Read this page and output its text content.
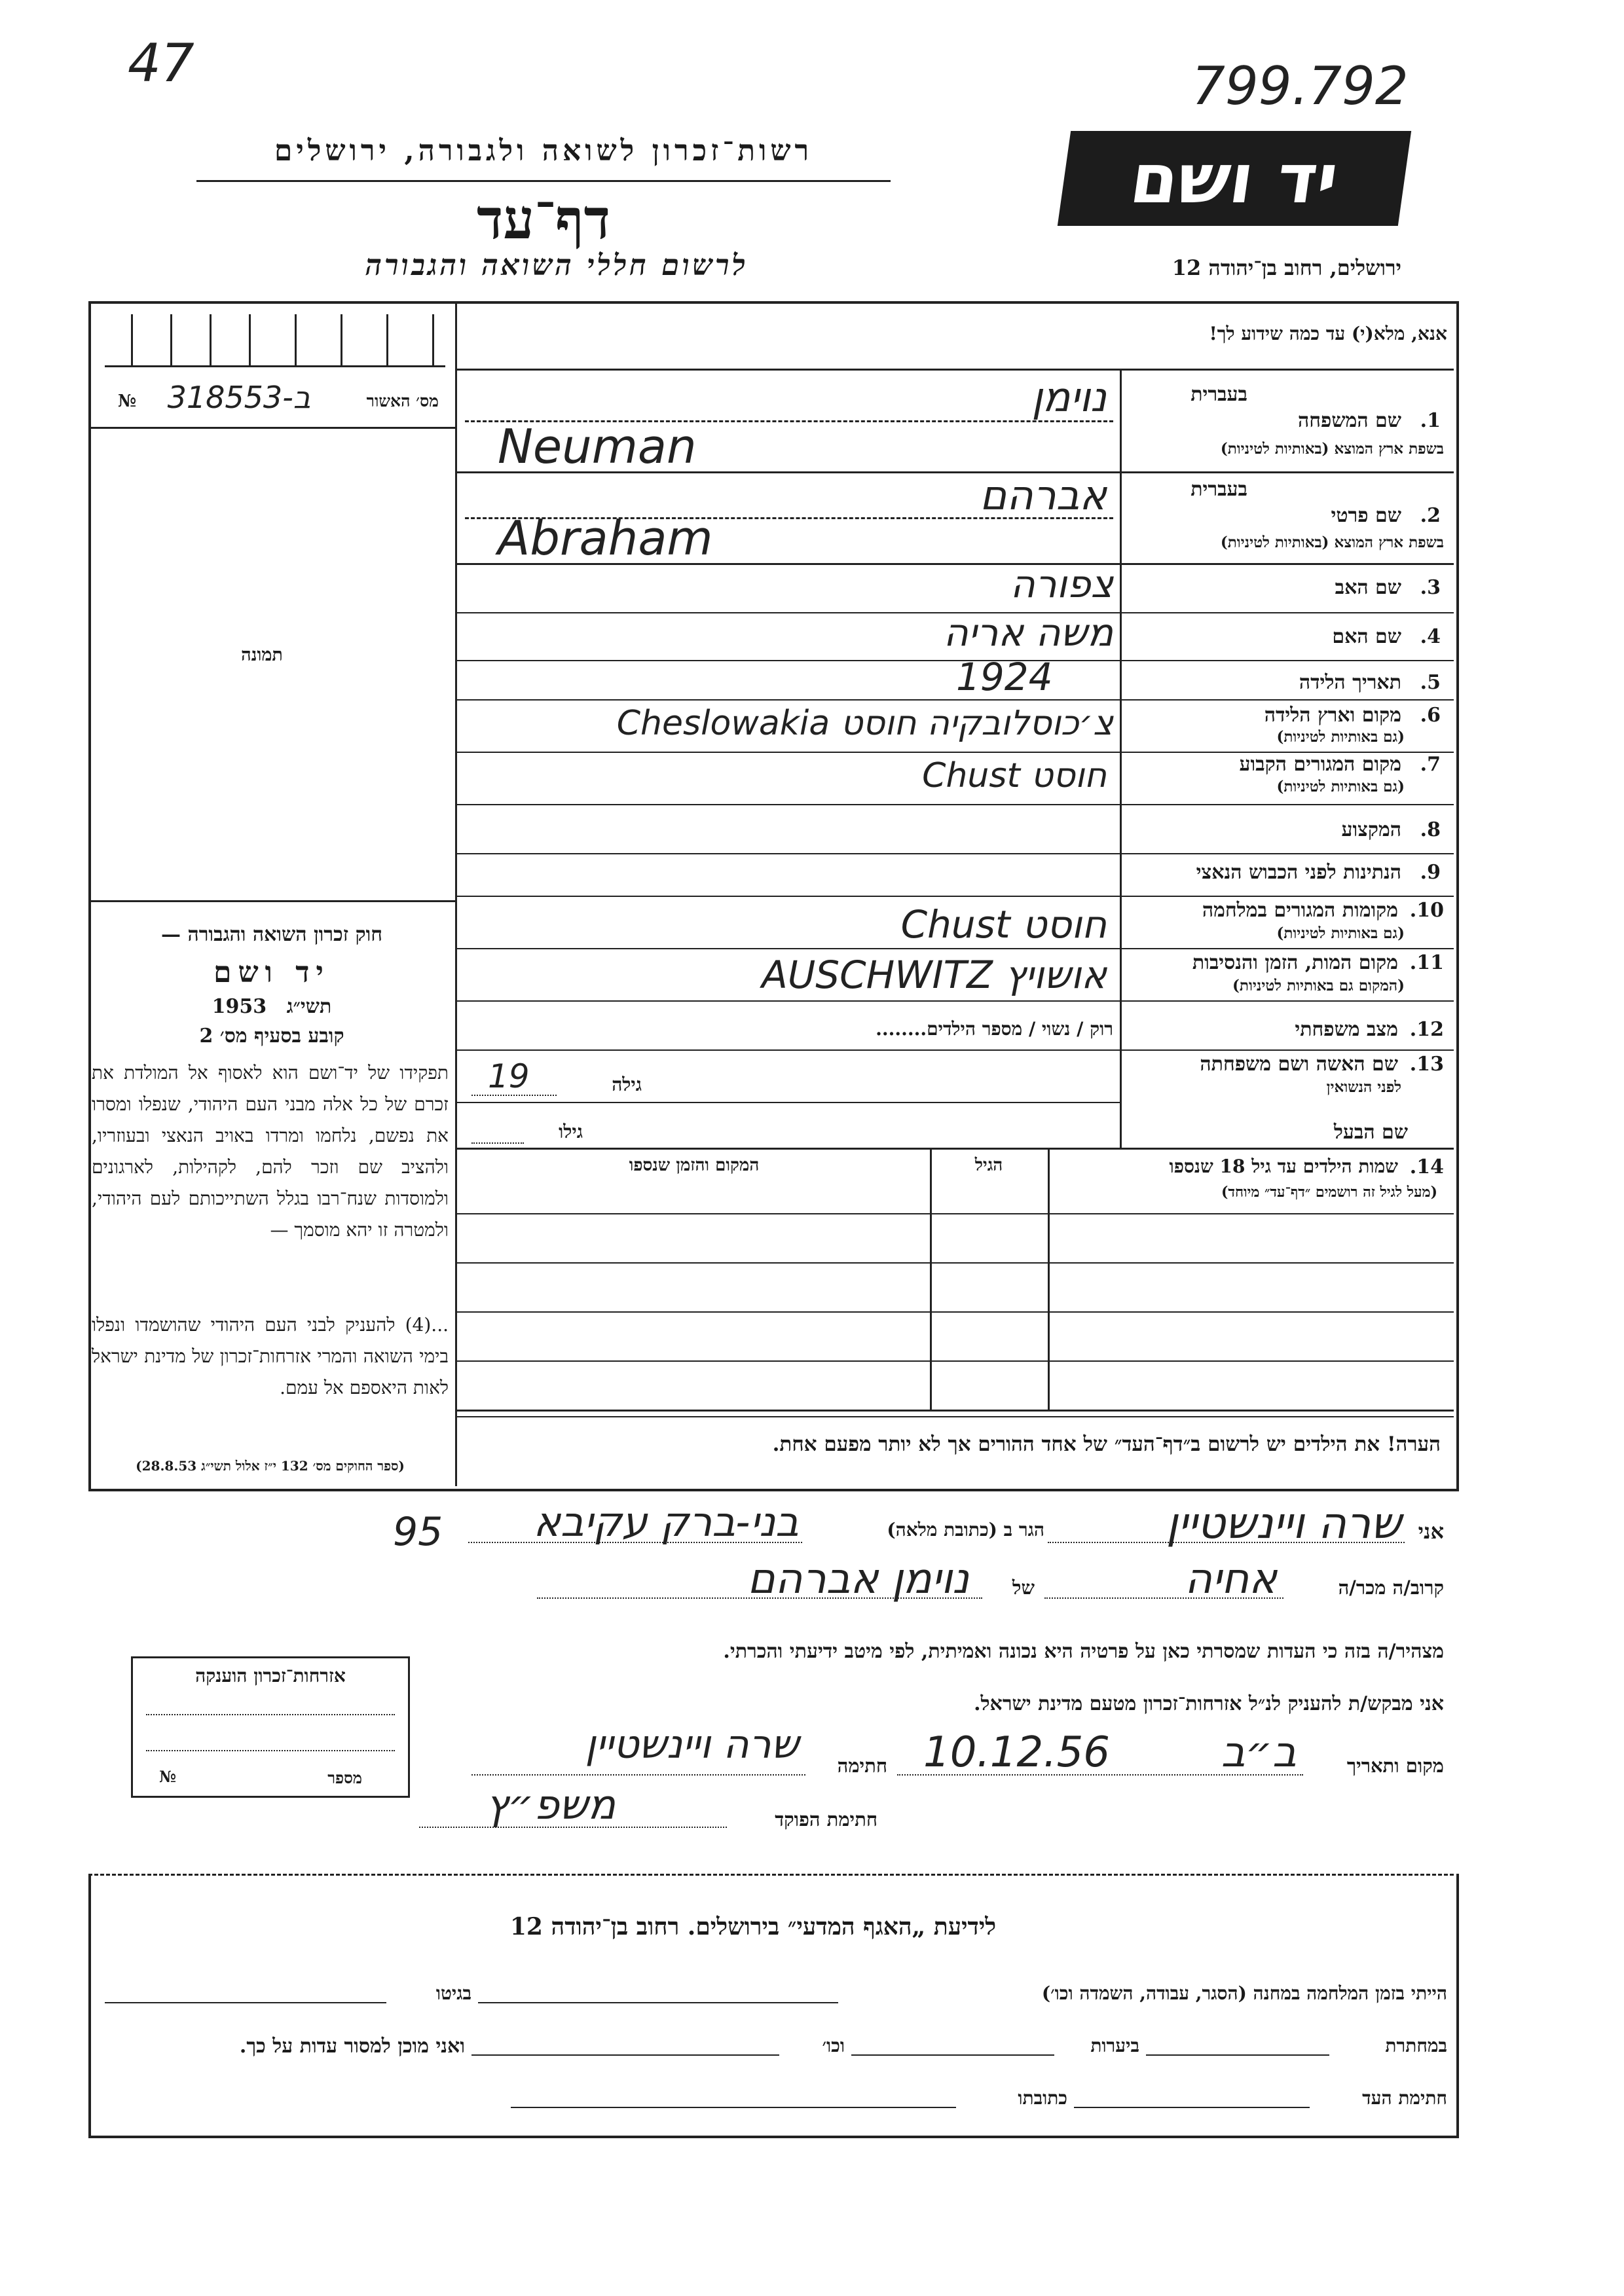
47	799.792
רשות־זכרון לשואה ולגבורה, ירושלים
דף־עד
לרשום חללי השואה והגבורה
יד ושם
ירושלים, רחוב בן־יהודה 12
מס׳ האשור
ב-318553
№
תמונה
חוק זכרון השואה והגבורה —
יד ושם
1953 תשי״ג
קובע בסעיף מס׳ 2
תפקידו של יד־ושם הוא לאסוף אל המולדת את זכרם של כל אלה מבני העם היהודי, שנפלו ומסרו את נפשם, נלחמו ומרדו באויב הנאצי ובעוזריו, ולהציב שם וזכר להם, לקהילות, לארגונים ולמוסדות שנח־רבו בגלל השתייכותם לעם היהודי, ולמטרה זו יהא מוסמך —
...(4) להעניק לבני העם היהודי שהושמדו ונפלו בימי השואה והמרי אזרחות־זכרון של מדינת ישראל לאות היאספם אל עמם.
(ספר החוקים מס׳ 132 י״ז אלול תשי״ג 28.8.53)
אנא, מלא(י) עד כמה שידוע לך!
1.
שם המשפחה
בעברית
בשפת ארץ המוצא (באותיות לטיניות)
נוימן
Neuman
2.
שם פרטי
בעברית
בשפת ארץ המוצא (באותיות לטיניות)
אברהם
Abraham
3.
שם האב
צפורה
4.
שם האם
משה אריה
5.
תאריך הלידה
1924
6.
מקום וארץ הלידה
(גם באותיות לטיניות)
צ׳כוסלובקיה חוסט Cheslowakia
7.
מקום המגורים הקבוע
(גם באותיות לטיניות)
חוסט Chust
8.
המקצוע
9.
הנתינות לפני הכבוש הנאצי
10.
מקומות המגורים במלחמה
(גם באותיות לטיניות)
חוסט Chust
11.
מקום המות, הזמן והנסיבות
(המקום גם באותיות לטיניות)
אושויץ AUSCHWITZ
12.
מצב משפחתי
רוק / נשוי / מספר הילדים........
13.
שם האשה ושם משפחתה
לפני הנשואין
גילה
19
שם הבעל
גילו
14.
שמות הילדים עד גיל 18 שנספו
(מעל לגיל זה רושמים ״דף־עד״ מיוחד)
הגיל
המקום והזמן שנספו
הערה! את הילדים יש לרשום ב״דף־העד״ של אחד ההורים אך לא יותר מפעם אחת.
אני
שרה ויינשטיין
הגר ב (כתובת מלאה)
בני-ברק עקיבא
95
קרוב/ה מכר/ה
אחיה
של
נוימן אברהם
מצהיר/ה בזה כי העדות שמסרתי כאן על פרטיה היא נכונה ואמיתית, לפי מיטב ידיעתי והכרתי.
אני מבקש/ת להעניק לנ״ל אזרחות־זכרון מטעם מדינת ישראל.
מקום ותאריך
ב״ב
10.12.56
חתימה
שרה ויינשטיין
חתימת הפוקד
משפ״ץ
אזרחות־זכרון הוענקה
מספר
№
לידיעת „האגף המדעי״ בירושלים. רחוב בן־יהודה 12
הייתי בזמן המלחמה במחנה (הסגר, עבודה, השמדה וכו׳)
בגיטו
במחתרת
ביערות
וכו׳
ואני מוכן למסור עדות על כך.
חתימת העד
כתובתו
